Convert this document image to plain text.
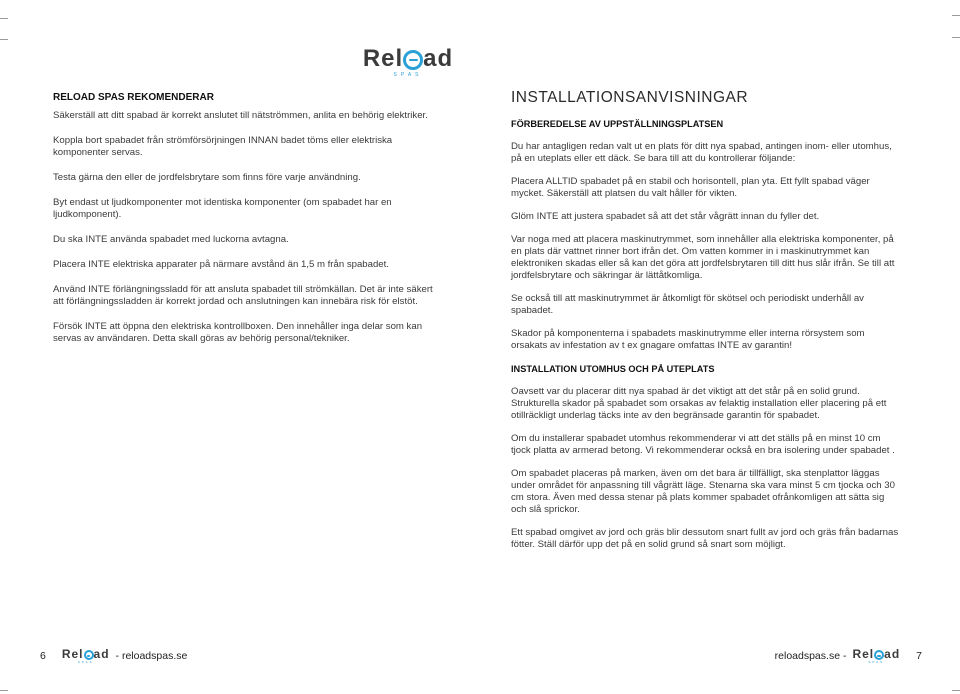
Rel ad
SPAS
RELOAD SPAS REKOMENDERAR

Säkerställ att ditt spabad är korrekt anslutet till nätströmmen, anlita en behörig elektriker.

Koppla bort spabadet från strömförsörjningen INNAN badet töms eller elektriska komponenter servas.

Testa gärna den eller de jordfelsbrytare som finns före varje användning.

Byt endast ut ljudkomponenter mot identiska komponenter (om spabadet har en ljudkomponent).

Du ska INTE använda spabadet med luckorna avtagna.

Placera INTE elektriska apparater på närmare avstånd än 1,5 m från spabadet.

Använd INTE förlängningssladd för att ansluta spabadet till strömkällan. Det är inte säkert att förlängningssladden är korrekt jordad och anslutningen kan innebära risk för elstöt.

Försök INTE att öppna den elektriska kontrollboxen. Den innehåller inga delar som kan servas av användaren. Detta skall göras av behörig personal/tekniker.

INSTALLATIONSANVISNINGAR
FÖRBEREDELSE AV UPPSTÄLLNINGSPLATSEN

Du har antagligen redan valt ut en plats för ditt nya spabad, antingen inom- eller utomhus, på en uteplats eller ett däck. Se bara till att du kontrollerar följande:

Placera ALLTID spabadet på en stabil och horisontell, plan yta. Ett fyllt spabad väger mycket. Säkerställ att platsen du valt håller för vikten.

Glöm INTE att justera spabadet så att det står vågrätt innan du fyller det.

Var noga med att placera maskinutrymmet, som innehåller alla elektriska komponenter, på en plats där vattnet rinner bort ifrån det. Om vatten kommer in i maskinutrymmet kan elektroniken skadas eller så kan det göra att jordfelsbrytaren till ditt hus slår ifrån. Se till att jordfelsbrytare och säkringar är lättåtkomliga.

Se också till att maskinutrymmet är åtkomligt för skötsel och periodiskt underhåll av spabadet.

Skador på komponenterna i spabadets maskinutrymme eller interna rörsystem som orsakats av infestation av t ex gnagare omfattas INTE av garantin!

INSTALLATION UTOMHUS OCH PÅ UTEPLATS

Oavsett var du placerar ditt nya spabad är det viktigt att det står på en solid grund. Strukturella skador på spabadet som orsakas av felaktig installation eller placering på ett otillräckligt underlag täcks inte av den begränsade garantin för spabadet.

Om du installerar spabadet utomhus rekommenderar vi att det ställs på en minst 10 cm tjock platta av armerad betong. Vi rekommenderar också en bra isolering under spabadet .

Om spabadet placeras på marken, även om det bara är tillfälligt, ska stenplattor läggas under området för anpassning till vågrätt läge. Stenarna ska vara minst 5 cm tjocka och 30 cm stora. Även med dessa stenar på plats kommer spabadet ofrånkomligen att sätta sig och slå sprickor.

Ett spabad omgivet av jord och gräs blir dessutom snart fullt av jord och gräs från badarnas fötter. Ställ därför upp det på en solid grund så snart som möjligt.

6 Rel ad
SPAS - reloadspas.se	reloadspas.se - Rel ad
SPAS	7
